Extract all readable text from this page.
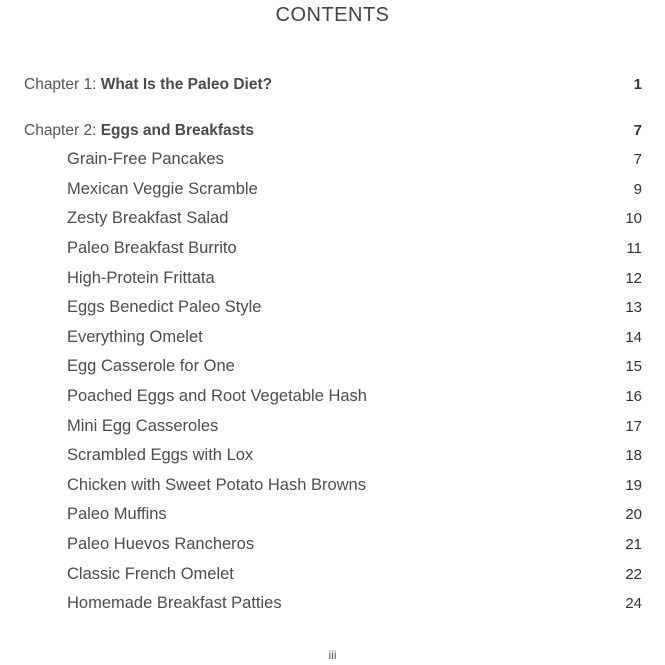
CONTENTS
Chapter 1: What Is the Paleo Diet?	1
Chapter 2: Eggs and Breakfasts	7
Grain-Free Pancakes	7
Mexican Veggie Scramble	9
Zesty Breakfast Salad	10
Paleo Breakfast Burrito	11
High-Protein Frittata	12
Eggs Benedict Paleo Style	13
Everything Omelet	14
Egg Casserole for One	15
Poached Eggs and Root Vegetable Hash	16
Mini Egg Casseroles	17
Scrambled Eggs with Lox	18
Chicken with Sweet Potato Hash Browns	19
Paleo Muffins	20
Paleo Huevos Rancheros	21
Classic French Omelet	22
Homemade Breakfast Patties	24
iii
